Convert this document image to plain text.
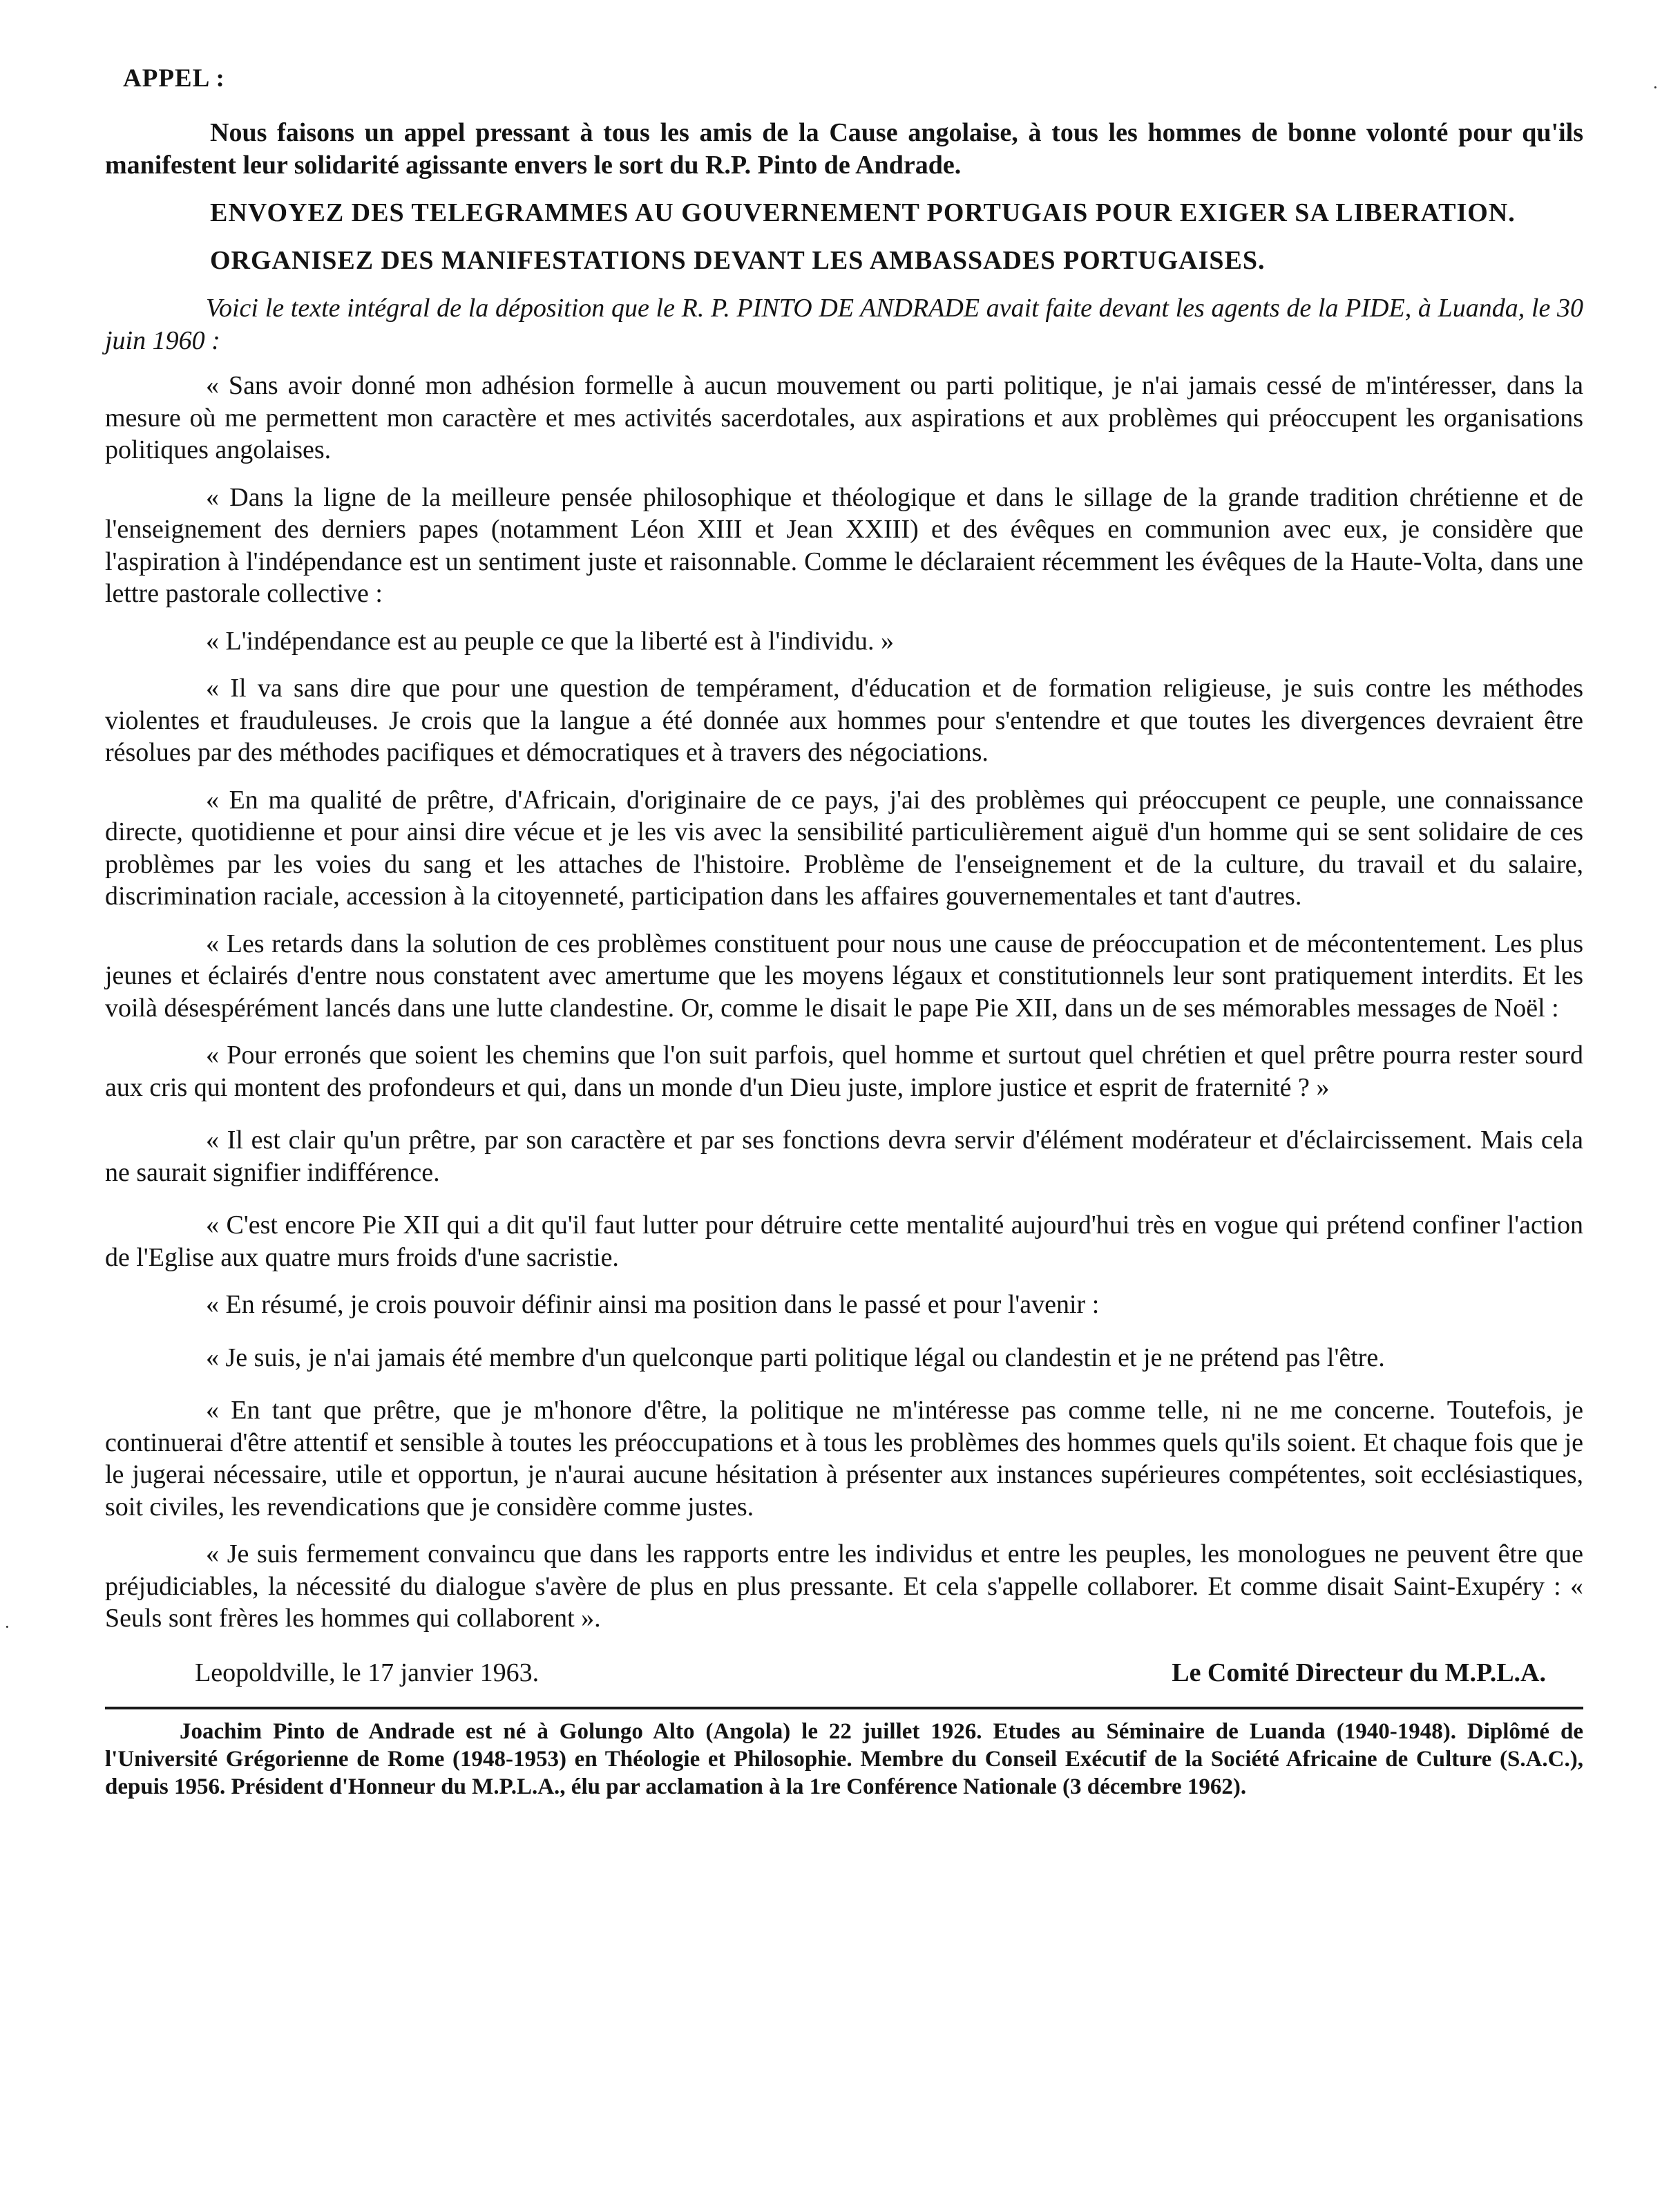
APPEL :

Nous faisons un appel pressant à tous les amis de la Cause angolaise, à tous les hommes de bonne volonté pour qu'ils manifestent leur solidarité agissante envers le sort du R.P. Pinto de Andrade.

ENVOYEZ DES TELEGRAMMES AU GOUVERNEMENT PORTUGAIS POUR EXIGER SA LIBERATION.

ORGANISEZ DES MANIFESTATIONS DEVANT LES AMBASSADES PORTUGAISES.

Voici le texte intégral de la déposition que le R. P. PINTO DE ANDRADE avait faite devant les agents de la PIDE, à Luanda, le 30 juin 1960 :

« Sans avoir donné mon adhésion formelle à aucun mouvement ou parti politique, je n'ai jamais cessé de m'intéresser, dans la mesure où me permettent mon caractère et mes activités sacerdotales, aux aspirations et aux problèmes qui préoccupent les organisations politiques angolaises.

« Dans la ligne de la meilleure pensée philosophique et théologique et dans le sillage de la grande tradition chrétienne et de l'enseignement des derniers papes (notamment Léon XIII et Jean XXIII) et des évêques en communion avec eux, je considère que l'aspiration à l'indépendance est un sentiment juste et raisonnable. Comme le déclaraient récemment les évêques de la Haute-Volta, dans une lettre pastorale collective :

« L'indépendance est au peuple ce que la liberté est à l'individu. »

« Il va sans dire que pour une question de tempérament, d'éducation et de formation religieuse, je suis contre les méthodes violentes et frauduleuses. Je crois que la langue a été donnée aux hommes pour s'entendre et que toutes les divergences devraient être résolues par des méthodes pacifiques et démocratiques et à travers des négociations.

« En ma qualité de prêtre, d'Africain, d'originaire de ce pays, j'ai des problèmes qui préoccupent ce peuple, une connaissance directe, quotidienne et pour ainsi dire vécue et je les vis avec la sensibilité particulièrement aiguë d'un homme qui se sent solidaire de ces problèmes par les voies du sang et les attaches de l'histoire. Problème de l'enseignement et de la culture, du travail et du salaire, discrimination raciale, accession à la citoyenneté, participation dans les affaires gouvernementales et tant d'autres.

« Les retards dans la solution de ces problèmes constituent pour nous une cause de préoccupation et de mécontentement. Les plus jeunes et éclairés d'entre nous constatent avec amertume que les moyens légaux et constitutionnels leur sont pratiquement interdits. Et les voilà désespérément lancés dans une lutte clandestine. Or, comme le disait le pape Pie XII, dans un de ses mémorables messages de Noël :

« Pour erronés que soient les chemins que l'on suit parfois, quel homme et surtout quel chrétien et quel prêtre pourra rester sourd aux cris qui montent des profondeurs et qui, dans un monde d'un Dieu juste, implore justice et esprit de fraternité ? »

« Il est clair qu'un prêtre, par son caractère et par ses fonctions devra servir d'élément modérateur et d'éclaircissement. Mais cela ne saurait signifier indifférence.

« C'est encore Pie XII qui a dit qu'il faut lutter pour détruire cette mentalité aujourd'hui très en vogue qui prétend confiner l'action de l'Eglise aux quatre murs froids d'une sacristie.

« En résumé, je crois pouvoir définir ainsi ma position dans le passé et pour l'avenir :

« Je suis, je n'ai jamais été membre d'un quelconque parti politique légal ou clandestin et je ne prétend pas l'être.

« En tant que prêtre, que je m'honore d'être, la politique ne m'intéresse pas comme telle, ni ne me concerne. Toutefois, je continuerai d'être attentif et sensible à toutes les préoccupations et à tous les problèmes des hommes quels qu'ils soient. Et chaque fois que je le jugerai nécessaire, utile et opportun, je n'aurai aucune hésitation à présenter aux instances supérieures compétentes, soit ecclésiastiques, soit civiles, les revendications que je considère comme justes.

« Je suis fermement convaincu que dans les rapports entre les individus et entre les peuples, les monologues ne peuvent être que préjudiciables, la nécessité du dialogue s'avère de plus en plus pressante. Et cela s'appelle collaborer. Et comme disait Saint-Exupéry : « Seuls sont frères les hommes qui collaborent ».

Leopoldville, le 17 janvier 1963.	Le Comité Directeur du M.P.L.A.

Joachim Pinto de Andrade est né à Golungo Alto (Angola) le 22 juillet 1926. Etudes au Séminaire de Luanda (1940-1948). Diplômé de l'Université Grégorienne de Rome (1948-1953) en Théologie et Philosophie. Membre du Conseil Exécutif de la Société Africaine de Culture (S.A.C.), depuis 1956. Président d'Honneur du M.P.L.A., élu par acclamation à la 1re Conférence Nationale (3 décembre 1962).

·
·
